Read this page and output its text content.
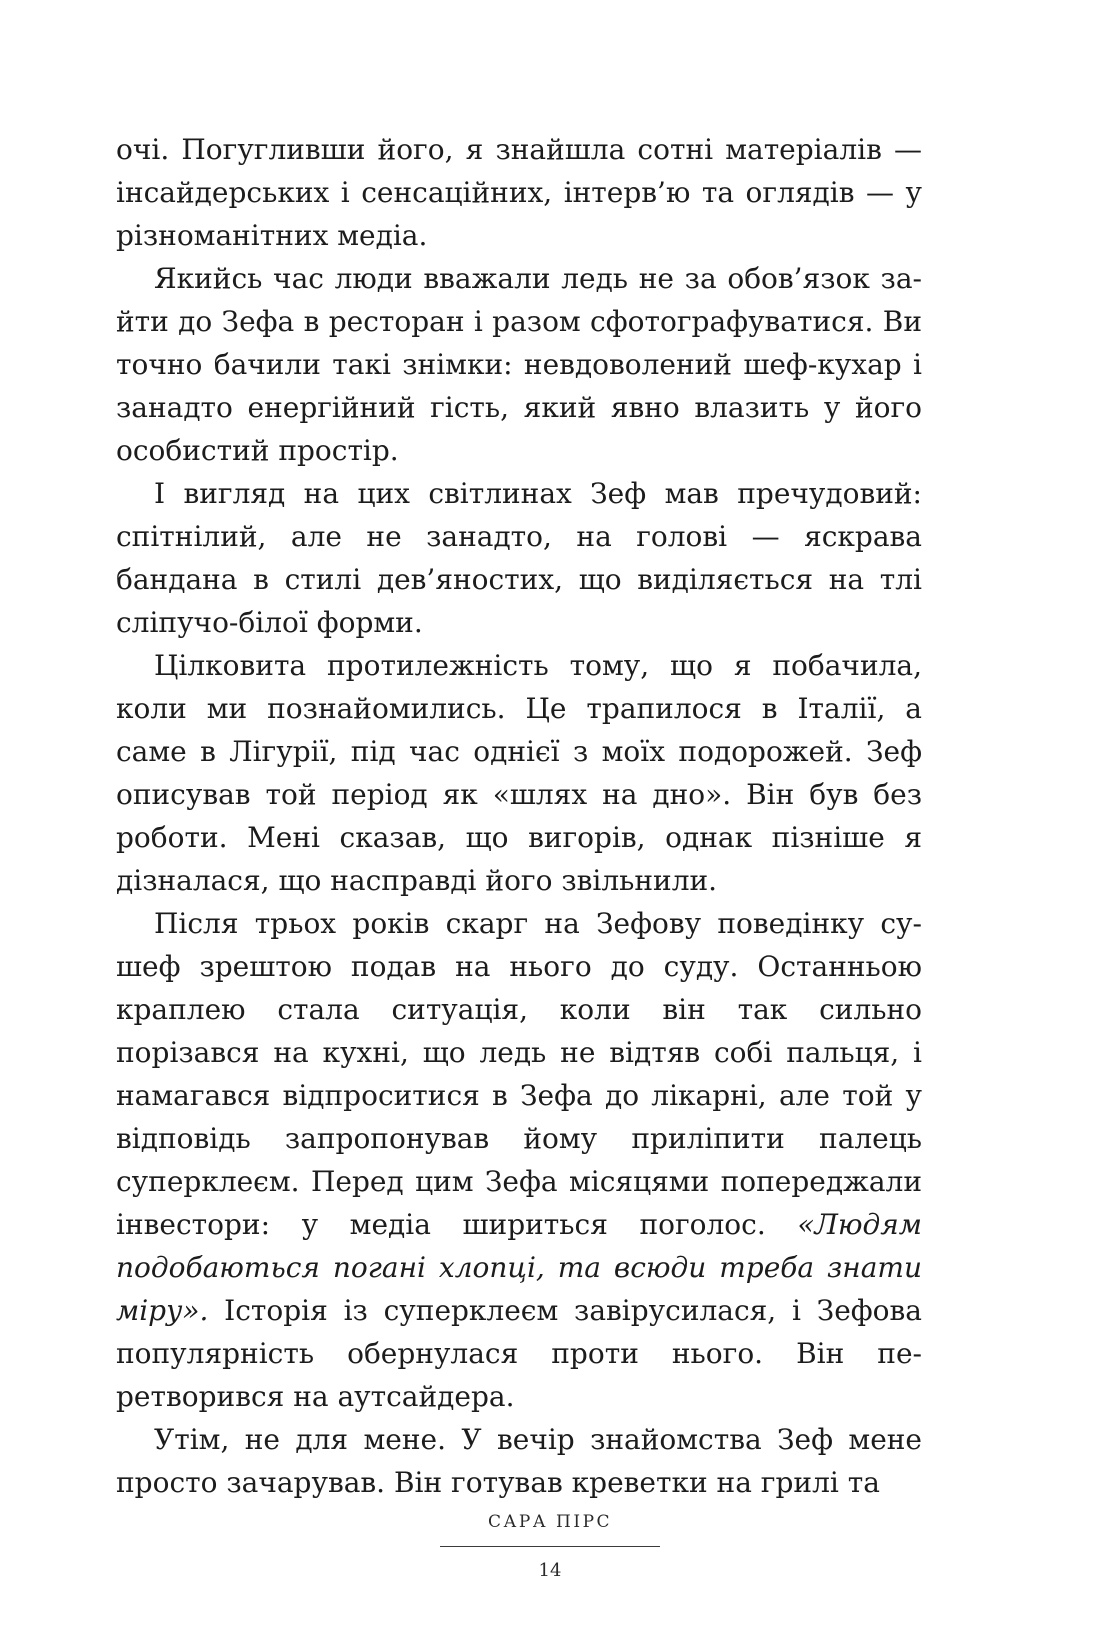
очі. Погугливши його, я знайшла сотні матеріалів — інсайдерських і сенсаційних, інтерв’ю та оглядів — у різноманітних медіа.

Якийсь час люди вважали ледь не за обов’язок зайти до Зефа в ресторан і разом сфотографуватися. Ви точно бачили такі знімки: невдоволений шеф-кухар і занадто енергійний гість, який явно влазить у його особистий простір.

І вигляд на цих світлинах Зеф мав пречудовий: спітнілий, але не занадто, на голові — яскрава бандана в стилі дев’яностих, що виділяється на тлі сліпучо-білої форми.

Цілковита протилежність тому, що я побачила, коли ми познайомились. Це трапилося в Італії, а саме в Лігурії, під час однієї з моїх подорожей. Зеф описував той період як «шлях на дно». Він був без роботи. Мені сказав, що вигорів, однак пізніше я дізналася, що насправді його звільнили.

Після трьох років скарг на Зефову поведінку су-шеф зрештою подав на нього до суду. Останньою краплею стала ситуація, коли він так сильно порізався на кухні, що ледь не відтяв собі пальця, і намагався відпроситися в Зефа до лікарні, але той у відповідь запропонував йому приліпити палець суперклеєм. Перед цим Зефа місяцями попереджали інвестори: у медіа шириться поголос. «Людям подобаються погані хлопці, та всюди треба знати міру». Історія із суперклеєм завірусилася, і Зефова популярність обернулася проти нього. Він перетворився на аутсайдера.

Утім, не для мене. У вечір знайомства Зеф мене просто зачарував. Він готував креветки на грилі та

САРА ПІРС
14
